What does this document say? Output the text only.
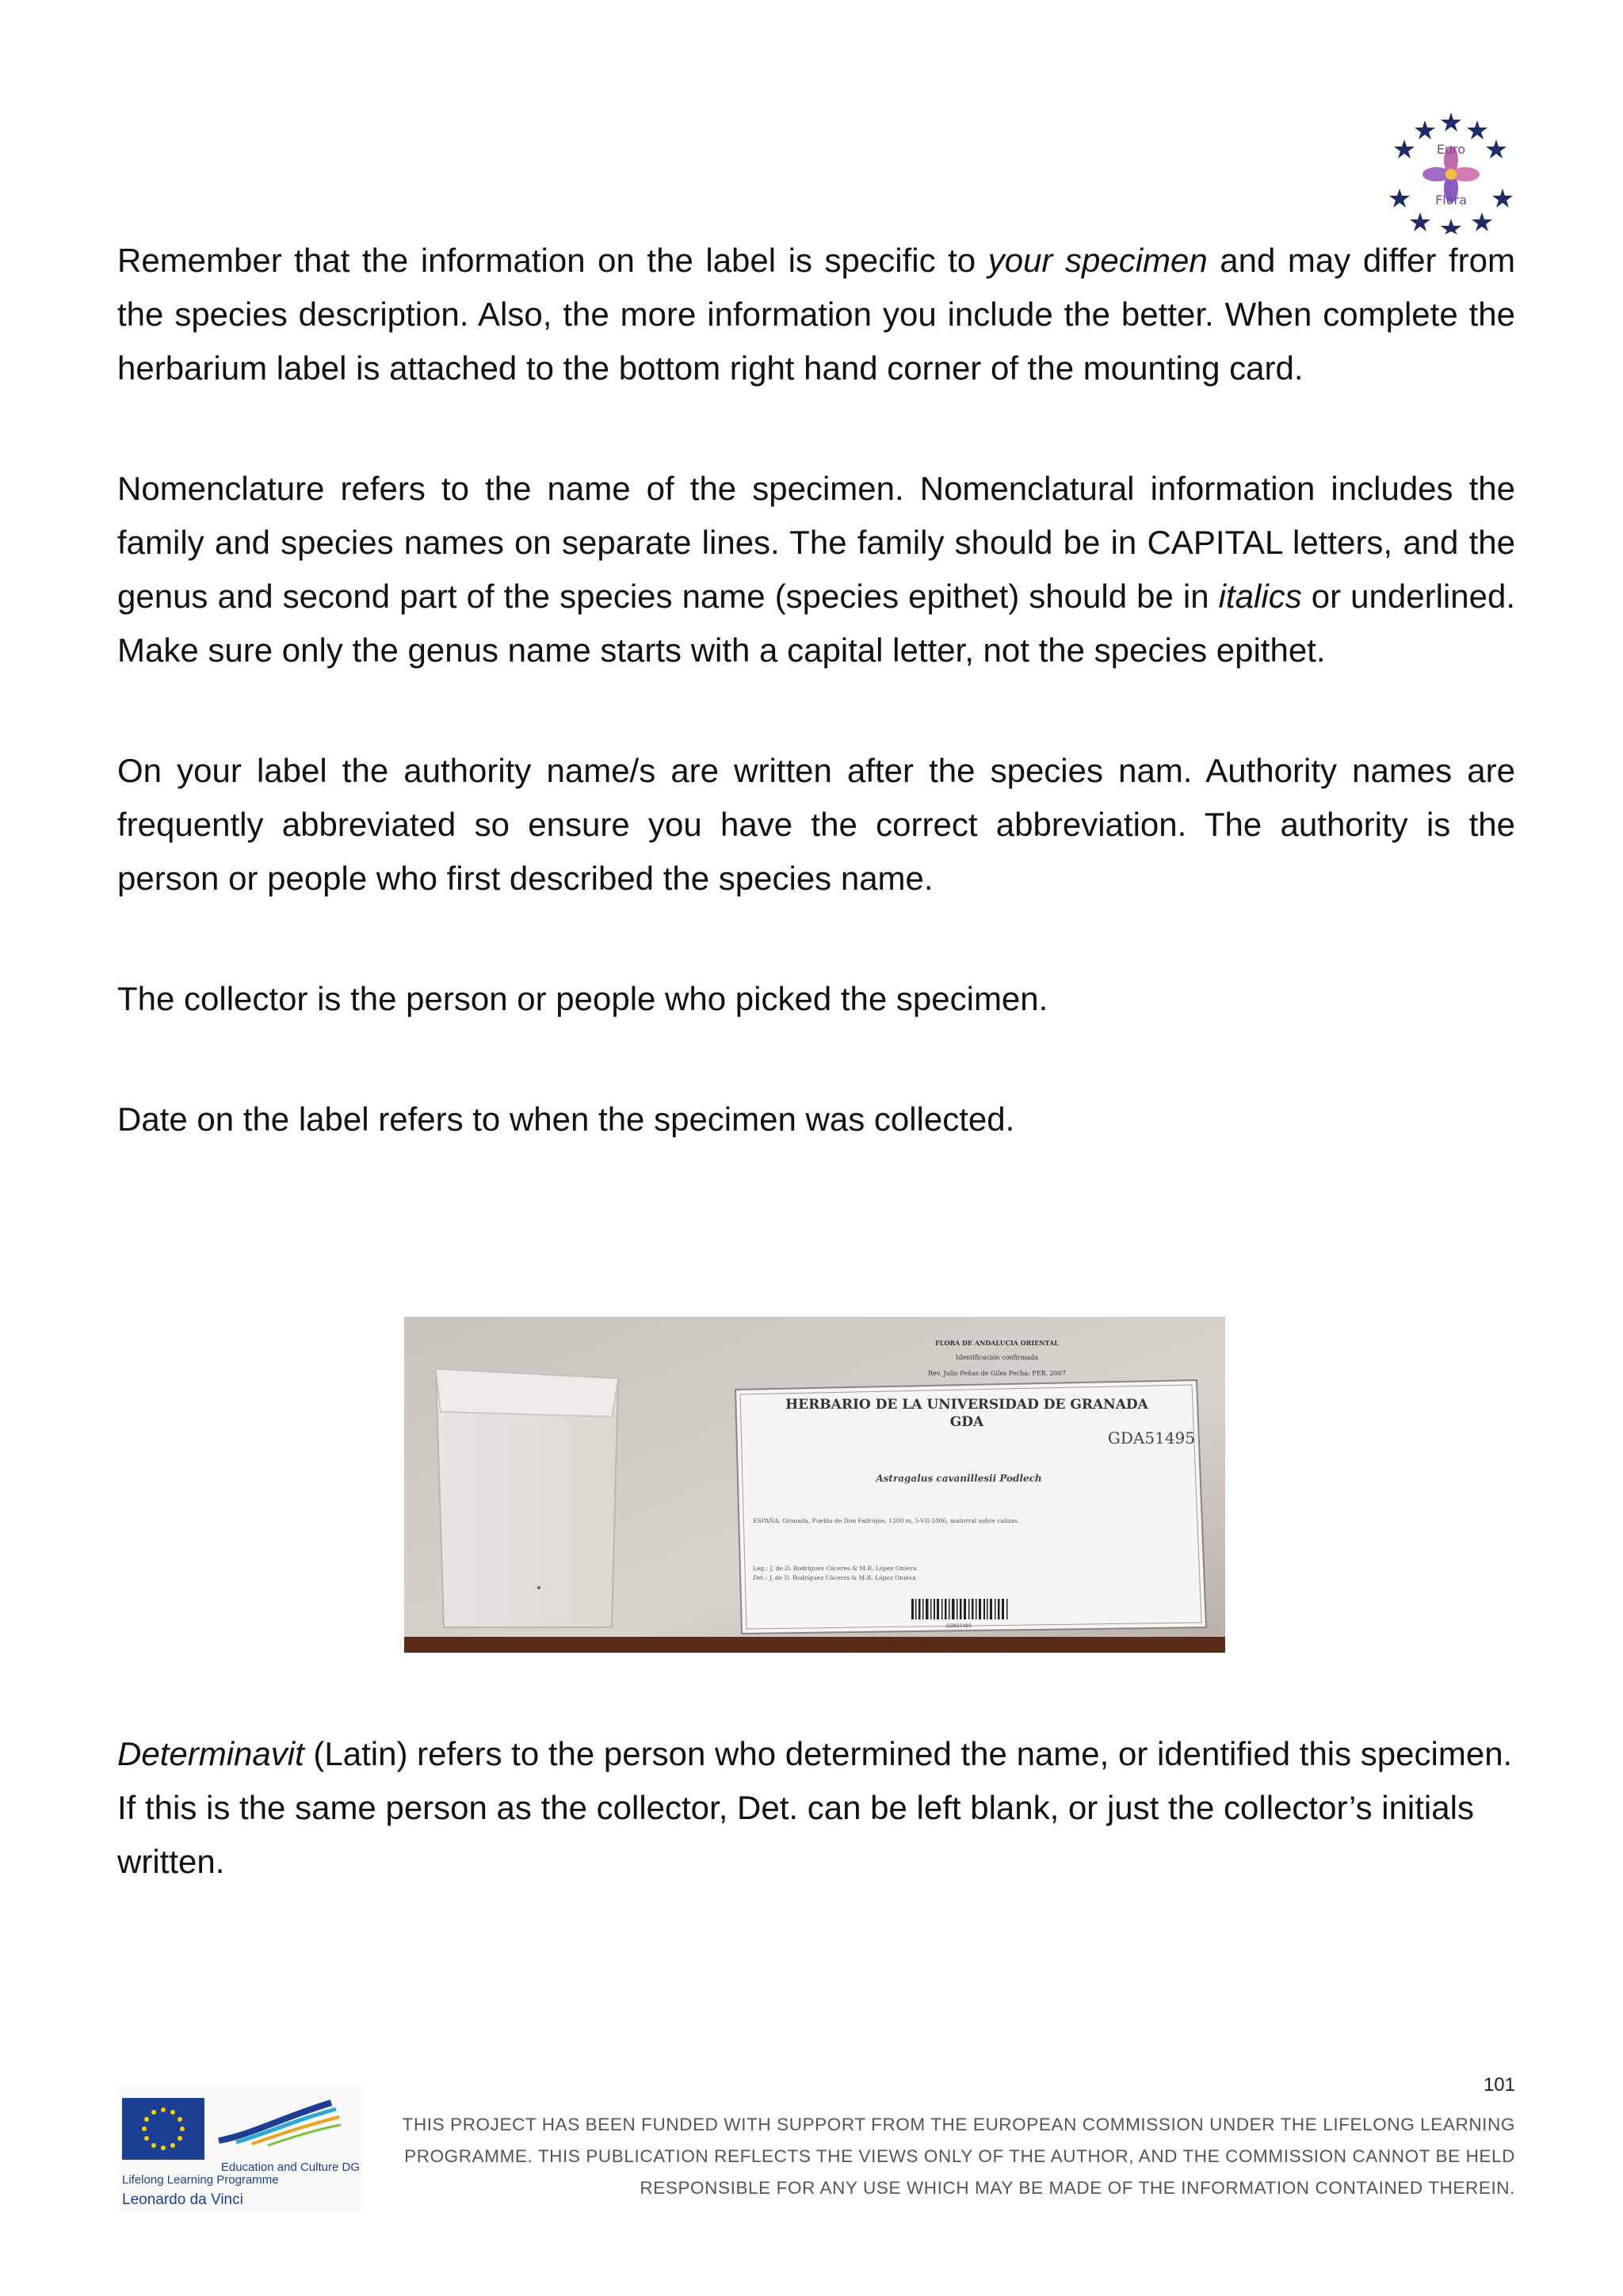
Euro
Flora

Remember that the information on the label is specific to your specimen and may differ from the species description. Also, the more information you include the better. When complete the herbarium label is attached to the bottom right hand corner of the mounting card.

Nomenclature refers to the name of the specimen. Nomenclatural information includes the family and species names on separate lines. The family should be in CAPITAL letters, and the genus and second part of the species name (species epithet) should be in italics or underlined. Make sure only the genus name starts with a capital letter, not the species epithet.

On your label the authority name/s are written after the species nam. Authority names are frequently abbreviated so ensure you have the correct abbreviation. The authority is the person or people who first described the species name.

The collector is the person or people who picked the specimen.

Date on the label refers to when the specimen was collected.

FLORA DE ANDALUCIA ORIENTAL
Identificación confirmada
Rev. Julio Peñas de Giles Fecha: FEB. 2007
HERBARIO DE LA UNIVERSIDAD DE GRANADA
GDA
GDA51495
Astragalus cavanillesii Podlech
ESPAÑA: Granada, Puebla de Don Fadrique, 1200 m, 5-VII-2006, matorral sobre calizas.
Leg.: J. de D. Rodríguez Cáceres & M.R. López Onieva
Det.: J. de D. Rodríguez Cáceres & M.R. López Onieva
GDA51495

Determinavit (Latin) refers to the person who determined the name, or identified this specimen. If this is the same person as the collector, Det. can be left blank, or just the collector’s initials written.

101
Education and Culture DG
Lifelong Learning Programme
Leonardo da Vinci
THIS PROJECT HAS BEEN FUNDED WITH SUPPORT FROM THE EUROPEAN COMMISSION UNDER THE LIFELONG LEARNING
PROGRAMME. THIS PUBLICATION REFLECTS THE VIEWS ONLY OF THE AUTHOR, AND THE COMMISSION CANNOT BE HELD
RESPONSIBLE FOR ANY USE WHICH MAY BE MADE OF THE INFORMATION CONTAINED THEREIN.
